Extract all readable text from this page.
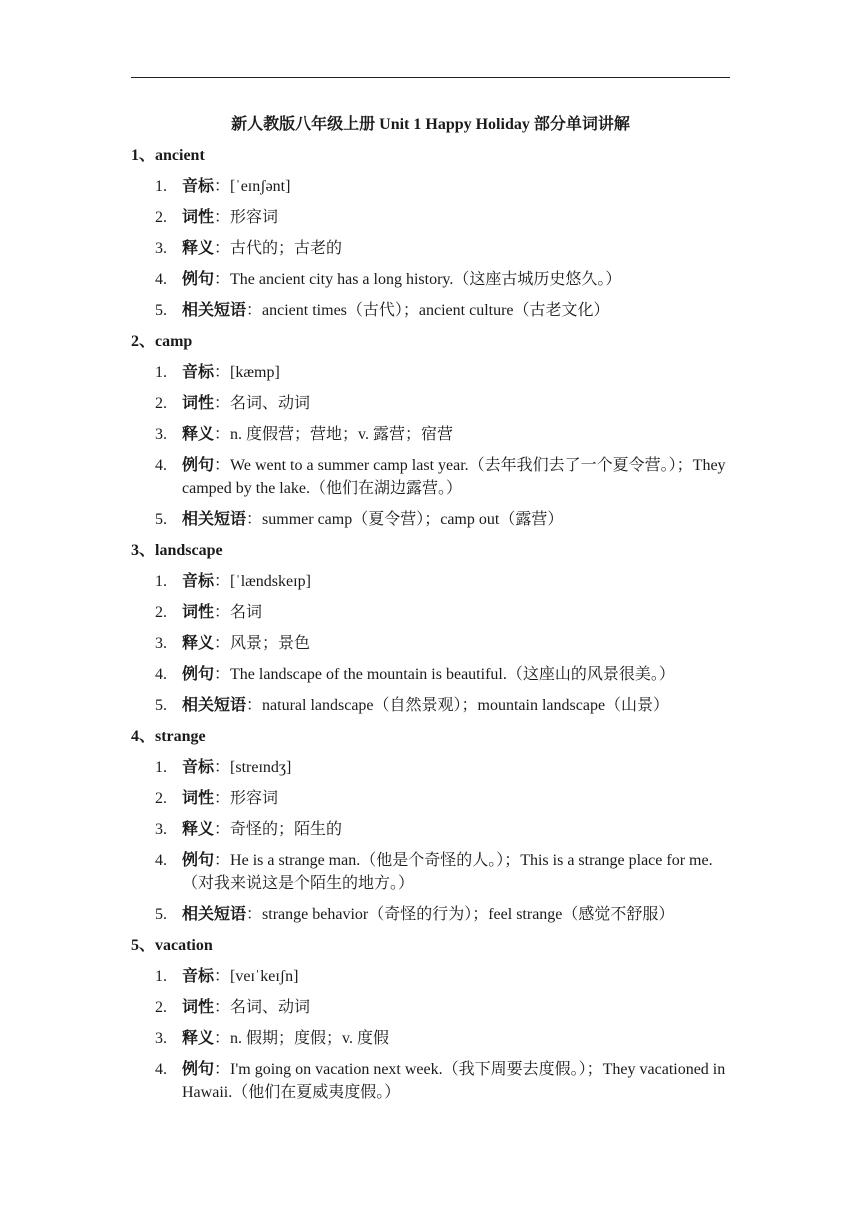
新人教版八年级上册 Unit 1 Happy Holiday 部分单词讲解
1、ancient
1. 音标：[ˈeɪnʃənt]
2. 词性：形容词
3. 释义：古代的；古老的
4. 例句：The ancient city has a long history.（这座古城历史悠久。）
5. 相关短语：ancient times（古代）；ancient culture（古老文化）
2、camp
1. 音标：[kæmp]
2. 词性：名词、动词
3. 释义：n. 度假营；营地；v. 露营；宿营
4. 例句：We went to a summer camp last year.（去年我们去了一个夏令营。）；They camped by the lake.（他们在湖边露营。）
5. 相关短语：summer camp（夏令营）；camp out（露营）
3、landscape
1. 音标：[ˈlændskeɪp]
2. 词性：名词
3. 释义：风景；景色
4. 例句：The landscape of the mountain is beautiful.（这座山的风景很美。）
5. 相关短语：natural landscape（自然景观）；mountain landscape（山景）
4、strange
1. 音标：[streɪndʒ]
2. 词性：形容词
3. 释义：奇怪的；陌生的
4. 例句：He is a strange man.（他是个奇怪的人。）；This is a strange place for me.（对我来说这是个陌生的地方。）
5. 相关短语：strange behavior（奇怪的行为）；feel strange（感觉不舒服）
5、vacation
1. 音标：[veɪˈkeɪʃn]
2. 词性：名词、动词
3. 释义：n. 假期；度假；v. 度假
4. 例句：I'm going on vacation next week.（我下周要去度假。）；They vacationed in Hawaii.（他们在夏威夷度假。）
